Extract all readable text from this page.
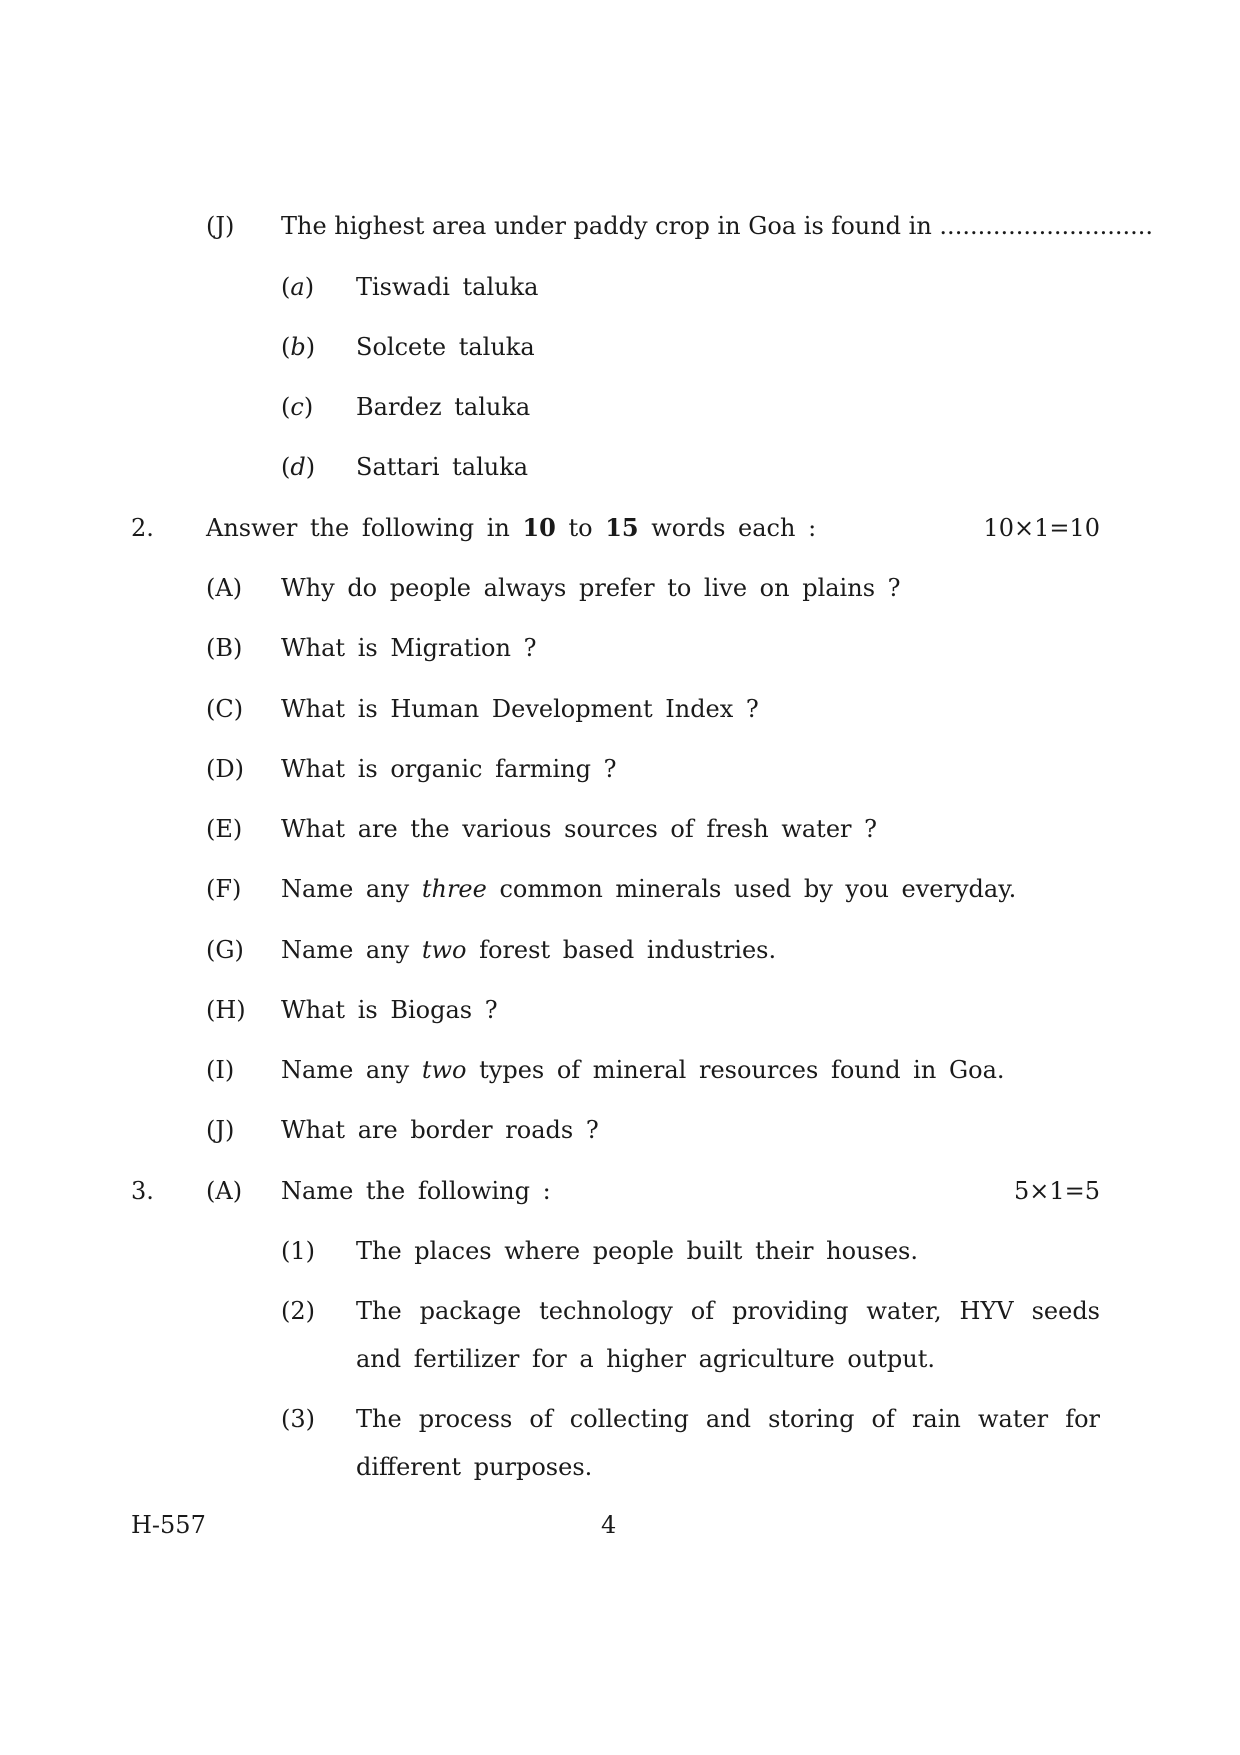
(J) The highest area under paddy crop in Goa is found in ............................
(a) Tiswadi taluka
(b) Solcete taluka
(c) Bardez taluka
(d) Sattari taluka
2. Answer the following in 10 to 15 words each :	10×1=10
(A) Why do people always prefer to live on plains ?
(B) What is Migration ?
(C) What is Human Development Index ?
(D) What is organic farming ?
(E) What are the various sources of fresh water ?
(F) Name any three common minerals used by you everyday.
(G) Name any two forest based industries.
(H) What is Biogas ?
(I) Name any two types of mineral resources found in Goa.
(J) What are border roads ?
3. (A) Name the following :	5×1=5
(1) The places where people built their houses.
(2) The package technology of providing water, HYV seeds and fertilizer for a higher agriculture output.
(3) The process of collecting and storing of rain water for different purposes.
H-557	4
